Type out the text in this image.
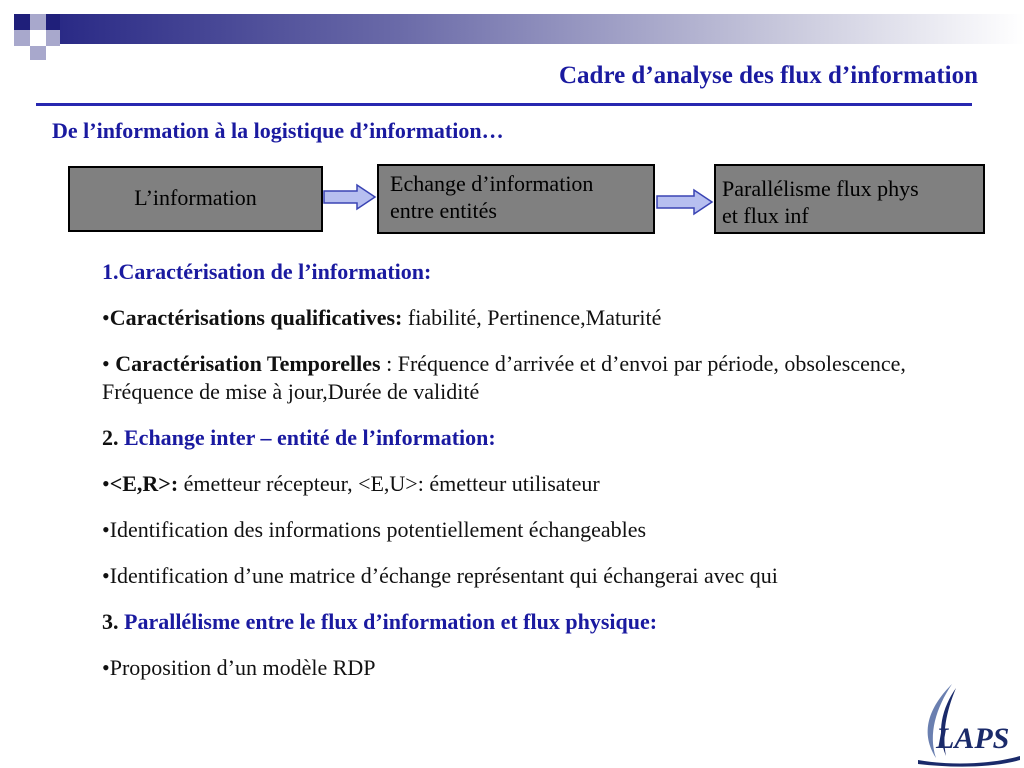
Cadre d’analyse des flux d’information
De l’information à la logistique d’information…
L’information
Echange d’information
entre entités
Parallélisme flux phys
et flux inf
1.Caractérisation de l’information:
•Caractérisations qualificatives: fiabilité, Pertinence,Maturité
• Caractérisation Temporelles : Fréquence d’arrivée et d’envoi par période, obsolescence, Fréquence de mise à jour,Durée de validité
2. Echange inter – entité de l’information:
•<E,R>: émetteur récepteur, <E,U>: émetteur utilisateur
•Identification des informations potentiellement échangeables
•Identification d’une matrice d’échange représentant qui échangerai avec qui
3. Parallélisme entre le flux d’information et flux physique:
•Proposition d’un modèle RDP
LAPS
